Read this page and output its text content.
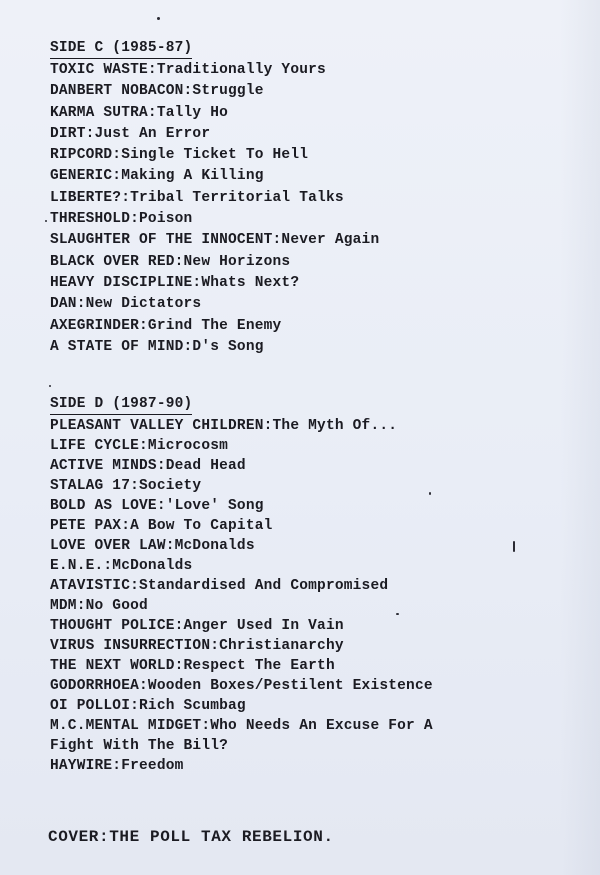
SIDE C (1985-87)
TOXIC WASTE:Traditionally Yours
DANBERT NOBACON:Struggle
KARMA SUTRA:Tally Ho
DIRT:Just An Error
RIPCORD:Single Ticket To Hell
GENERIC:Making A Killing
LIBERTE?:Tribal Territorial Talks
THRESHOLD:Poison
SLAUGHTER OF THE INNOCENT:Never Again
BLACK OVER RED:New Horizons
HEAVY DISCIPLINE:Whats Next?
DAN:New Dictators
AXEGRINDER:Grind The Enemy
A STATE OF MIND:D's Song
SIDE D (1987-90)
PLEASANT VALLEY CHILDREN:The Myth Of...
LIFE CYCLE:Microcosm
ACTIVE MINDS:Dead Head
STALAG 17:Society
BOLD AS LOVE:'Love' Song
PETE PAX:A Bow To Capital
LOVE OVER LAW:McDonalds
E.N.E.:McDonalds
ATAVISTIC:Standardised And Compromised
MDM:No Good
THOUGHT POLICE:Anger Used In Vain
VIRUS INSURRECTION:Christianarchy
THE NEXT WORLD:Respect The Earth
GODORRHOEA:Wooden Boxes/Pestilent Existence
OI POLLOI:Rich Scumbag
M.C.MENTAL MIDGET:Who Needs An Excuse For A
Fight With The Bill?
HAYWIRE:Freedom
COVER:THE POLL TAX REBELION.
